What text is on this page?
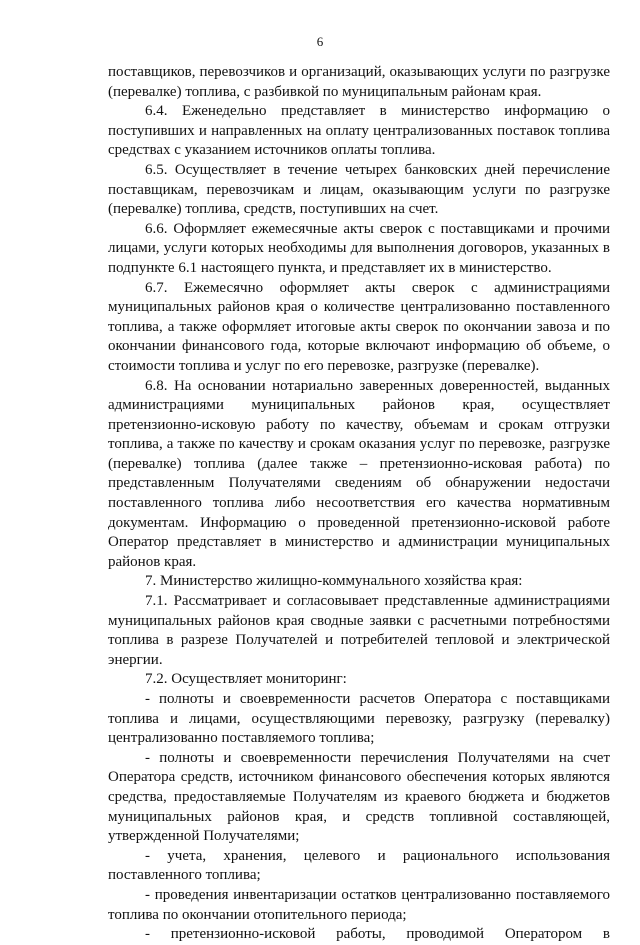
6

поставщиков, перевозчиков и организаций, оказывающих услуги по разгрузке (перевалке) топлива, с разбивкой по муниципальным районам края.

6.4. Еженедельно представляет в министерство информацию о поступивших и направленных на оплату централизованных поставок топлива средствах с указанием источников оплаты топлива.

6.5. Осуществляет в течение четырех банковских дней перечисление поставщикам, перевозчикам и лицам, оказывающим услуги по разгрузке (перевалке) топлива, средств, поступивших на счет.

6.6. Оформляет ежемесячные акты сверок с поставщиками и прочими лицами, услуги которых необходимы для выполнения договоров, указанных в подпункте 6.1 настоящего пункта, и представляет их в министерство.

6.7. Ежемесячно оформляет акты сверок с администрациями муниципальных районов края о количестве централизованно поставленного топлива, а также оформляет итоговые акты сверок по окончании завоза и по окончании финансового года, которые включают информацию об объеме, о стоимости топлива и услуг по его перевозке, разгрузке (перевалке).

6.8. На основании нотариально заверенных доверенностей, выданных администрациями муниципальных районов края, осуществляет претензионно-исковую работу по качеству, объемам и срокам отгрузки топлива, а также по качеству и срокам оказания услуг по перевозке, разгрузке (перевалке) топлива (далее также – претензионно-исковая работа) по представленным Получателями сведениям об обнаружении недостачи поставленного топлива либо несоответствия его качества нормативным документам. Информацию о проведенной претензионно-исковой работе Оператор представляет в министерство и администрации муниципальных районов края.

7. Министерство жилищно-коммунального хозяйства края:

7.1. Рассматривает и согласовывает представленные администрациями муниципальных районов края сводные заявки с расчетными потребностями топлива в разрезе Получателей и потребителей тепловой и электрической энергии.

7.2. Осуществляет мониторинг:

- полноты и своевременности расчетов Оператора с поставщиками топлива и лицами, осуществляющими перевозку, разгрузку (перевалку) централизованно поставляемого топлива;

- полноты и своевременности перечисления Получателями на счет Оператора средств, источником финансового обеспечения которых являются средства, предоставляемые Получателям из краевого бюджета и бюджетов муниципальных районов края, и средств топливной составляющей, утвержденной Получателями;

- учета, хранения, целевого и рационального использования поставленного топлива;

- проведения инвентаризации остатков централизованно поставляемого топлива по окончании отопительного периода;

- претензионно-исковой работы, проводимой Оператором в
